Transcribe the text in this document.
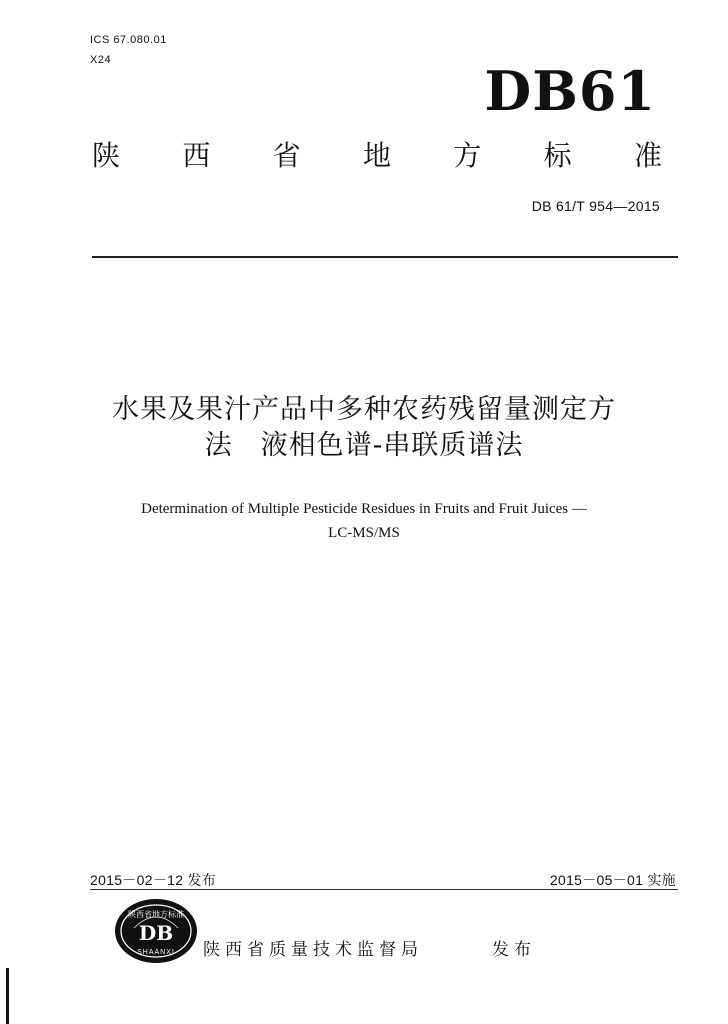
ICS 67.080.01
X24	DB61
陕 西 省 地 方 标 准
DB 61/T 954—2015
水果及果汁产品中多种农药残留量测定方
法　液相色谱-串联质谱法
Determination of Multiple Pesticide Residues in Fruits and Fruit Juices —
LC-MS/MS
2015－02－12 发布	2015－05－01 实施
陕西省地方标准
DB
SHAANXI 陕西省质量技术监督局	发布
